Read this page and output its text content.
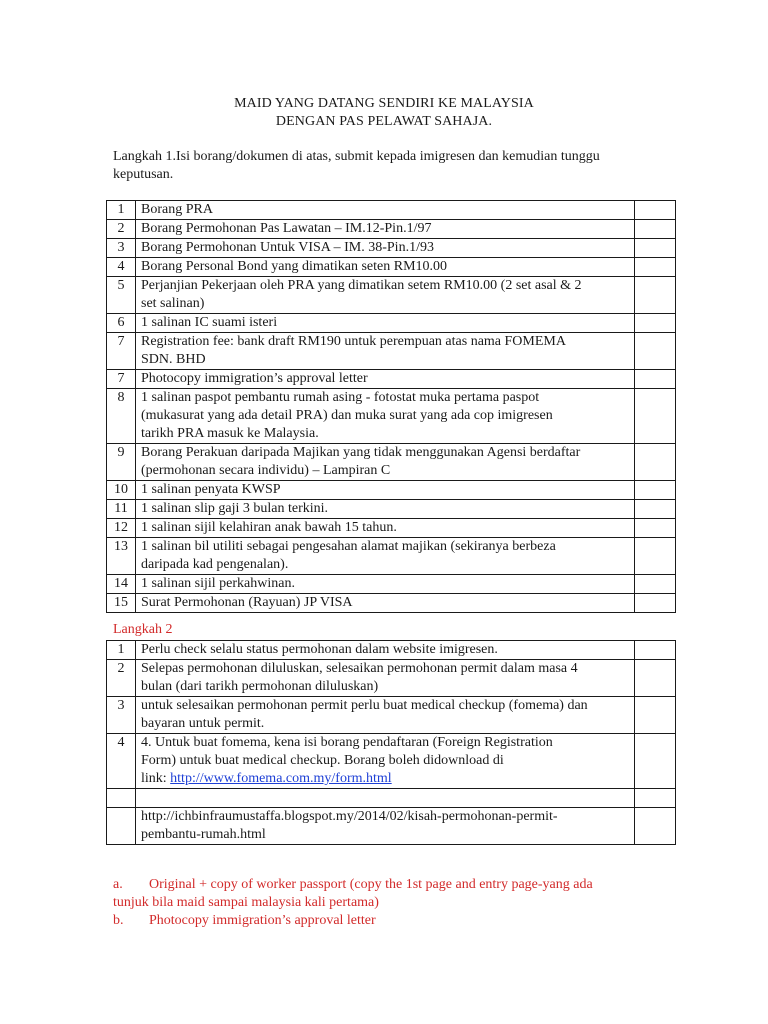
MAID YANG DATANG SENDIRI KE MALAYSIA
DENGAN PAS PELAWAT SAHAJA.
Langkah 1.Isi borang/dokumen di atas, submit kepada imigresen dan kemudian tunggu keputusan.
1	Borang PRA	

2	Borang Permohonan Pas Lawatan – IM.12-Pin.1/97	

3	Borang Permohonan Untuk VISA – IM. 38-Pin.1/93	

4	Borang Personal Bond yang dimatikan seten RM10.00	

5	Perjanjian Pekerjaan oleh PRA yang dimatikan setem RM10.00 (2 set asal & 2
set salinan)	

6	1 salinan IC suami isteri	

7	Registration fee: bank draft RM190 untuk perempuan atas nama FOMEMA
SDN. BHD	

7	Photocopy immigration’s approval letter	

8	1 salinan paspot pembantu rumah asing - fotostat muka pertama paspot
(mukasurat yang ada detail PRA) dan muka surat yang ada cop imigresen
tarikh PRA masuk ke Malaysia.	

9	Borang Perakuan daripada Majikan yang tidak menggunakan Agensi berdaftar
(permohonan secara individu) – Lampiran C	

10	1 salinan penyata KWSP	

11	1 salinan slip gaji 3 bulan terkini.	

12	1 salinan sijil kelahiran anak bawah 15 tahun.	

13	1 salinan bil utiliti sebagai pengesahan alamat majikan (sekiranya berbeza
daripada kad pengenalan).	

14	1 salinan sijil perkahwinan.	

15	Surat Permohonan (Rayuan) JP VISA	

Langkah 2
1	Perlu check selalu status permohonan dalam website imigresen.	

2	Selepas permohonan diluluskan, selesaikan permohonan permit dalam masa 4
bulan (dari tarikh permohonan diluluskan)	

3	untuk selesaikan permohonan permit perlu buat medical checkup (fomema) dan
bayaran untuk permit.	

4	4. Untuk buat fomema, kena isi borang pendaftaran (Foreign Registration
Form) untuk buat medical checkup. Borang boleh didownload di
link: http://www.fomema.com.my/form.html	

	http://ichbinfraumustaffa.blogspot.my/2014/02/kisah-permohonan-permit-
pembantu-rumah.html	

a. Original + copy of worker passport (copy the 1st page and entry page-yang ada
tunjuk bila maid sampai malaysia kali pertama)
b. Photocopy immigration’s approval letter
